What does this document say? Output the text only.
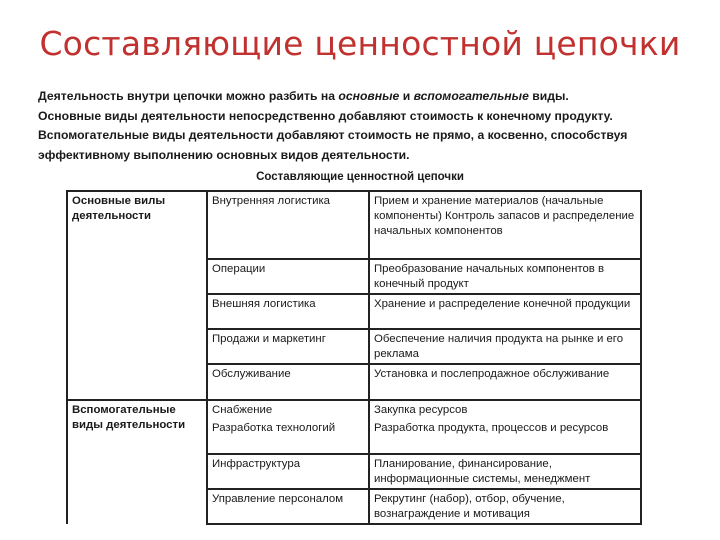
Составляющие ценностной цепочки
Деятельность внутри цепочки можно разбить на основные и вспомогательные виды.
Основные виды деятельности непосредственно добавляют стоимость к конечному продукту.
Вспомогательные виды деятельности добавляют стоимость не прямо, а косвенно, способствуя эффективному выполнению основных видов деятельности.
Составляющие ценностной цепочки
Основные вилы деятельности	Внутренняя логистика	Прием и хранение материалов (начальные компоненты) Контроль запасов и распределение начальных компонентов
	Операции	Преобразование начальных компонентов в конечный продукт
	Внешняя логистика	Хранение и распределение конечной продукции
	Продажи и маркетинг	Обеспечение наличия продукта на рынке и его реклама
	Обслуживание	Установка и послепродажное обслуживание
Вспомогательные виды деятельности	Снабжение	Закупка ресурсов
	Разработка технологий	Разработка продукта, процессов и ресурсов
	Инфраструктура	Планирование, финансирование, информационные системы, менеджмент
	Управление персоналом	Рекрутинг (набор), отбор, обучение, вознаграждение и мотивация
